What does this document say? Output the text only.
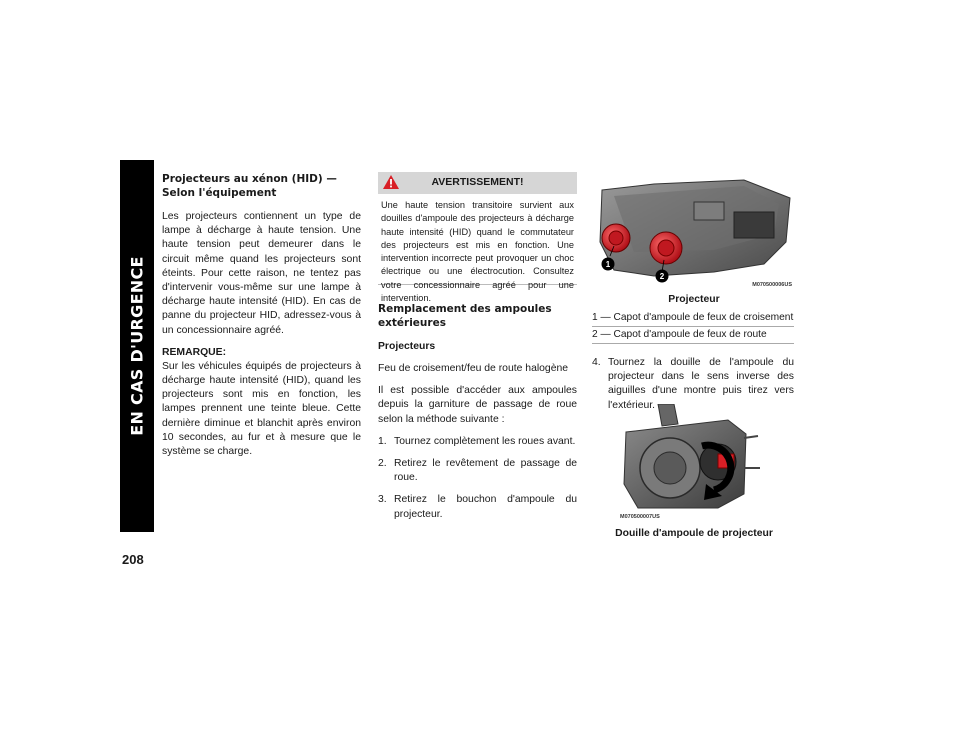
EN CAS D'URGENCE
208

Projecteurs au xénon (HID) — Selon l'équipement

Les projecteurs contiennent un type de lampe à décharge à haute tension. Une haute tension peut demeurer dans le circuit même quand les projecteurs sont éteints. Pour cette raison, ne tentez pas d'intervenir vous-même sur une lampe à décharge haute intensité (HID). En cas de panne du projecteur HID, adressez-vous à un concessionnaire agréé.

REMARQUE:

Sur les véhicules équipés de projecteurs à décharge haute intensité (HID), quand les projecteurs sont mis en fonction, les lampes prennent une teinte bleue. Cette dernière diminue et blanchit après environ 10 secondes, au fur et à mesure que le système se charge.

AVERTISSEMENT!
Une haute tension transitoire survient aux douilles d'ampoule des projecteurs à décharge haute intensité (HID) quand le commutateur des projecteurs est mis en fonction. Une intervention incorrecte peut provoquer un choc électrique ou une électrocution. Consultez votre concessionnaire agréé pour une intervention.

Remplacement des ampoules extérieures

Projecteurs

Feu de croisement/feu de route halogène

Il est possible d'accéder aux ampoules depuis la garniture de passage de roue selon la méthode suivante :

1. Tournez complètement les roues avant.
2. Retirez le revêtement de passage de roue.
3. Retirez le bouchon d'ampoule du projecteur.
1
2
M070500006US
Projecteur
1 — Capot d'ampoule de feux de croisement
2 — Capot d'ampoule de feux de route
4. Tournez la douille de l'ampoule du projecteur dans le sens inverse des aiguilles d'une montre puis tirez vers l'extérieur.
M070500007US
Douille d'ampoule de projecteur
